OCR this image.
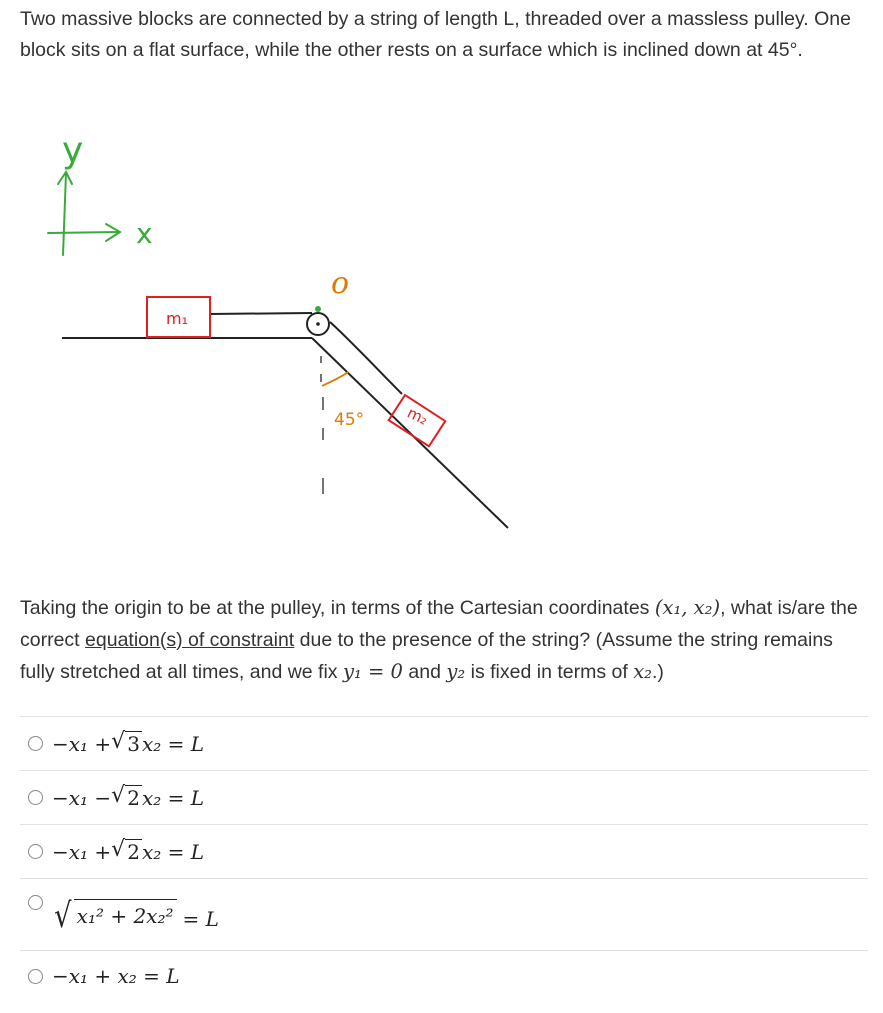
Two massive blocks are connected by a string of length L, threaded over a massless pulley. One block sits on a flat surface, while the other rests on a surface which is inclined down at 45°.
y
x
o
m₁
45°	m₂
Taking the origin to be at the pulley, in terms of the Cartesian coordinates (x₁, x₂), what is/are the correct equation(s) of constraint due to the presence of the string? (Assume the string remains fully stretched at all times, and we fix y₁ = 0 and y₂ is fixed in terms of x₂.)
−x₁ + √ 3 x₂ = L
−x₁ − √ 2 x₂ = L
−x₁ + √ 2 x₂ = L
√ x₁² + 2x₂² = L
−x₁ + x₂ = L
